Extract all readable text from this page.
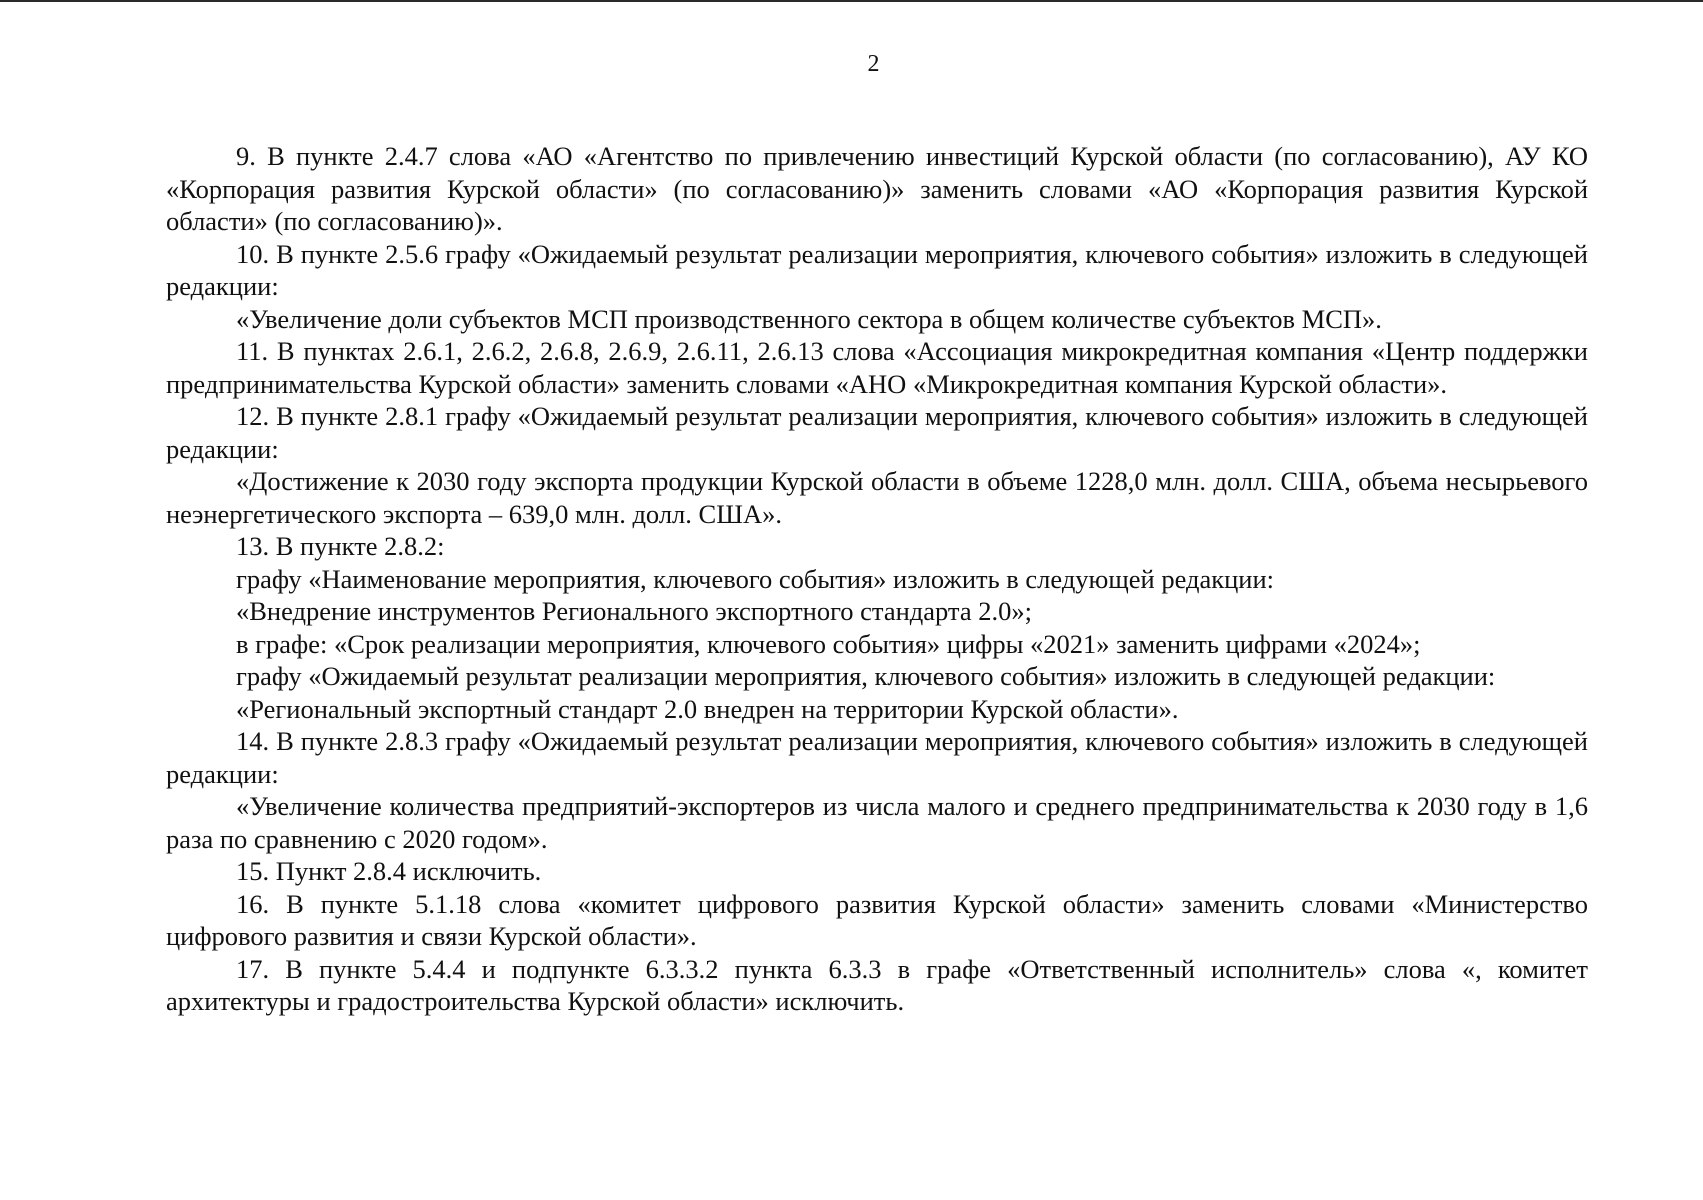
2

9. В пункте 2.4.7 слова «АО «Агентство по привлечению инвестиций Курской области (по согласованию), АУ КО «Корпорация развития Курской области» (по согласованию)» заменить словами «АО «Корпорация развития Курской области» (по согласованию)».

10. В пункте 2.5.6 графу «Ожидаемый результат реализации мероприятия, ключевого события» изложить в следующей редакции:

«Увеличение доли субъектов МСП производственного сектора в общем количестве субъектов МСП».

11. В пунктах 2.6.1, 2.6.2, 2.6.8, 2.6.9, 2.6.11, 2.6.13 слова «Ассоциация микрокредитная компания «Центр поддержки предпринимательства Курской области» заменить словами «АНО «Микрокредитная компания Курской области».

12. В пункте 2.8.1 графу «Ожидаемый результат реализации мероприятия, ключевого события» изложить в следующей редакции:

«Достижение к 2030 году экспорта продукции Курской области в объеме 1228,0 млн. долл. США, объема несырьевого неэнергетического экспорта – 639,0 млн. долл. США».

13. В пункте 2.8.2:

графу «Наименование мероприятия, ключевого события» изложить в следующей редакции:

«Внедрение инструментов Регионального экспортного стандарта 2.0»;

в графе: «Срок реализации мероприятия, ключевого события» цифры «2021» заменить цифрами «2024»;

графу «Ожидаемый результат реализации мероприятия, ключевого события» изложить в следующей редакции:

«Региональный экспортный стандарт 2.0 внедрен на территории Курской области».

14. В пункте 2.8.3 графу «Ожидаемый результат реализации мероприятия, ключевого события» изложить в следующей редакции:

«Увеличение количества предприятий-экспортеров из числа малого и среднего предпринимательства к 2030 году в 1,6 раза по сравнению с 2020 годом».

15. Пункт 2.8.4 исключить.

16. В пункте 5.1.18 слова «комитет цифрового развития Курской области» заменить словами «Министерство цифрового развития и связи Курской области».

17. В пункте 5.4.4 и подпункте 6.3.3.2 пункта 6.3.3 в графе «Ответственный исполнитель» слова «, комитет архитектуры и градостроительства Курской области» исключить.
